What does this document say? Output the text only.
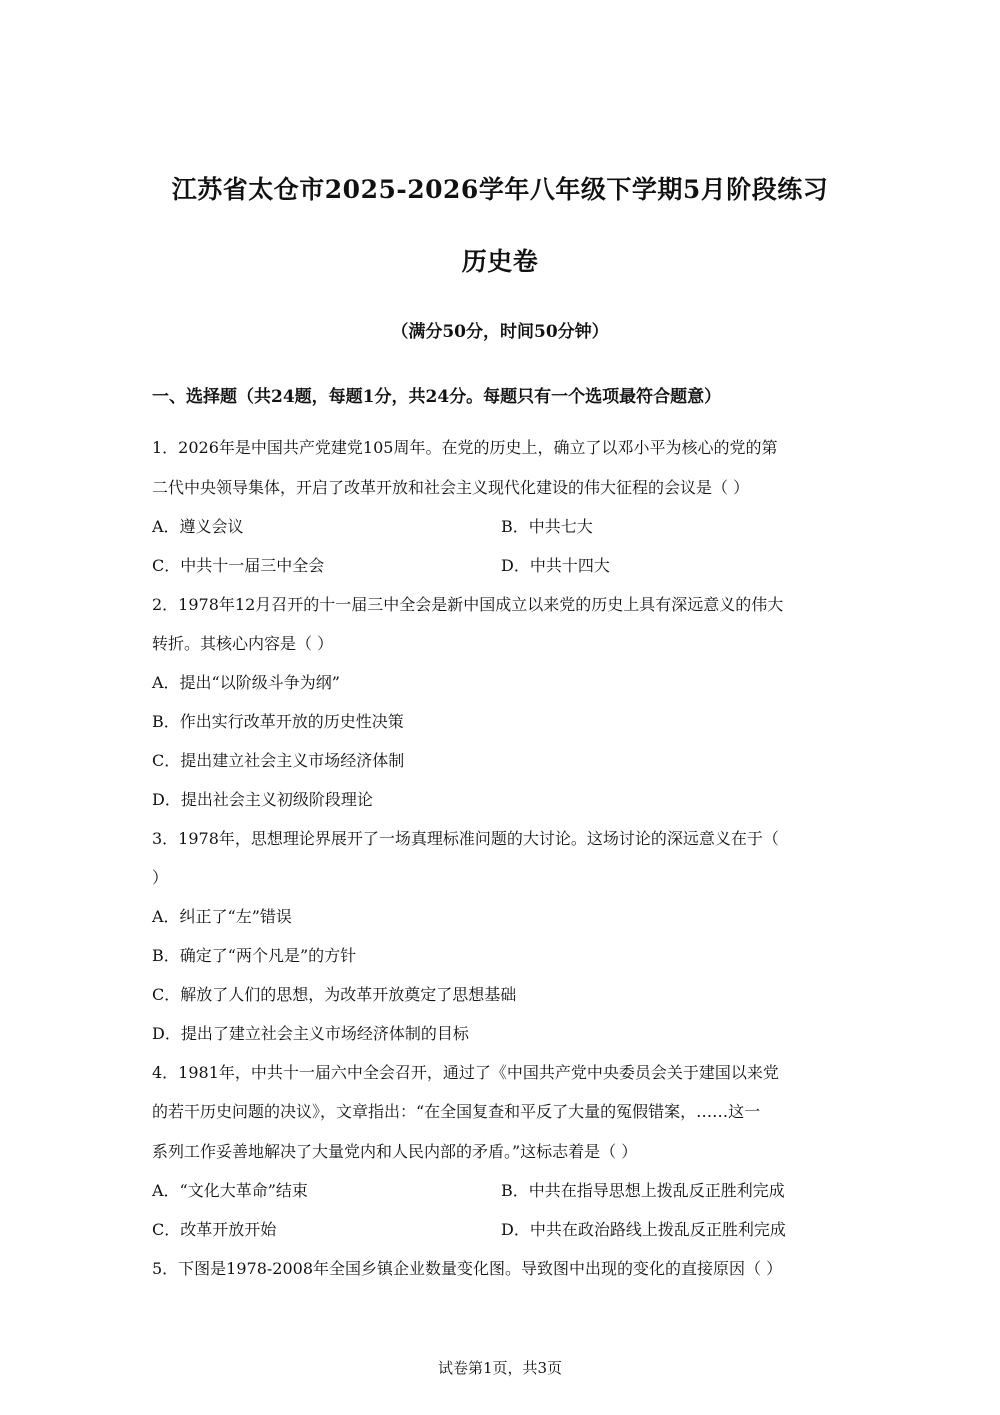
江苏省太仓市2025-2026学年八年级下学期5月阶段练习
历史卷
（满分50分，时间50分钟）
一、选择题（共24题，每题1分，共24分。每题只有一个选项最符合题意）
1．2026年是中国共产党建党105周年。在党的历史上，确立了以邓小平为核心的党的第
二代中央领导集体，开启了改革开放和社会主义现代化建设的伟大征程的会议是（ ）
A．遵义会议	B．中共七大
C．中共十一届三中全会	D．中共十四大
2．1978年12月召开的十一届三中全会是新中国成立以来党的历史上具有深远意义的伟大
转折。其核心内容是（ ）
A．提出“以阶级斗争为纲”
B．作出实行改革开放的历史性决策
C．提出建立社会主义市场经济体制
D．提出社会主义初级阶段理论
3．1978年，思想理论界展开了一场真理标准问题的大讨论。这场讨论的深远意义在于（
）
A．纠正了“左”错误
B．确定了“两个凡是”的方针
C．解放了人们的思想，为改革开放奠定了思想基础
D．提出了建立社会主义市场经济体制的目标
4．1981年，中共十一届六中全会召开，通过了《中国共产党中央委员会关于建国以来党
的若干历史问题的决议》，文章指出：“在全国复查和平反了大量的冤假错案，……这一
系列工作妥善地解决了大量党内和人民内部的矛盾。”这标志着是（ ）
A．“文化大革命”结束	B．中共在指导思想上拨乱反正胜利完成
C．改革开放开始	D．中共在政治路线上拨乱反正胜利完成
5．下图是1978-2008年全国乡镇企业数量变化图。导致图中出现的变化的直接原因（ ）
试卷第1页，共3页
